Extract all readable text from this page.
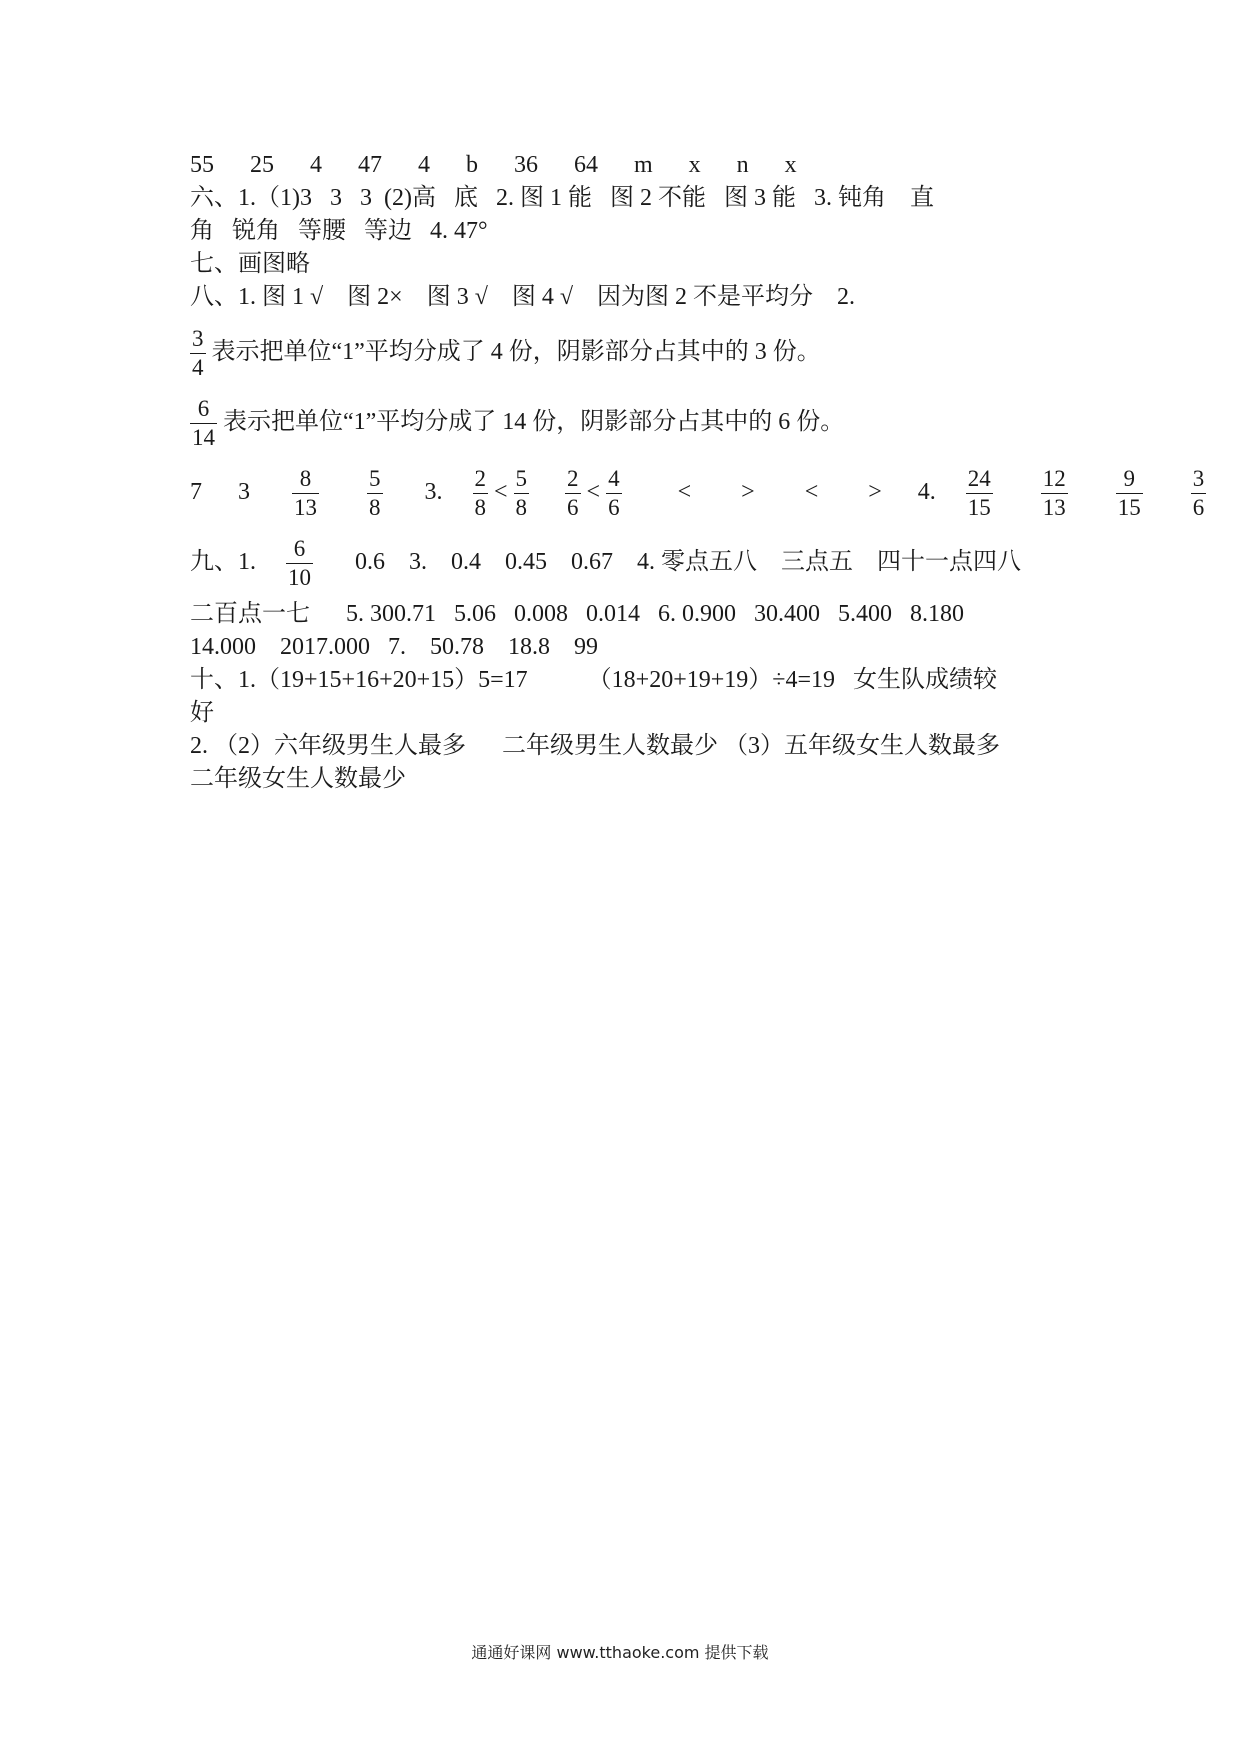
55 25 4 47 4 b 36 64 m x n x
六、1.（1)3   3   3  (2)高   底   2. 图 1 能   图 2 不能   图 3 能   3. 钝角    直
角   锐角   等腰   等边   4. 47°
七、画图略
八、1. 图 1 √    图 2×    图 3 √    图 4 √    因为图 2 不是平均分    2.
$\frac{3}{4}$ 表示把单位“1”平均分成了 4 份，阴影部分占其中的 3 份。
$\frac{6}{14}$ 表示把单位“1”平均分成了 14 份，阴影部分占其中的 6 份。
7 $3 \frac{8}{13}$
$\frac{5}{8} 3$. $\frac{2}{8} < \frac{5}{8}$
$\frac{2}{6} < \frac{4}{6}$ < > < > 4. $\frac{24}{15}$
$\frac{12}{13}$
$\frac{9}{15}$
$\frac{3}{6}$
九、1. $\frac{6}{10} 0.6$    3.    0.4    0.45    0.67    4. 零点五八    三点五    四十一点四八
二百点一七      5. 300.71   5.06   0.008   0.014   6. 0.900   30.400   5.400   8.180
14.000    2017.000   7.    50.78    18.8    99
十、1.（19+15+16+20+15）5=17          （18+20+19+19）÷4=19   女生队成绩较
好
2. （2）六年级男生人最多      二年级男生人数最少 （3）五年级女生人数最多
二年级女生人数最少
通通好课网 www.tthaoke.com 提供下载
